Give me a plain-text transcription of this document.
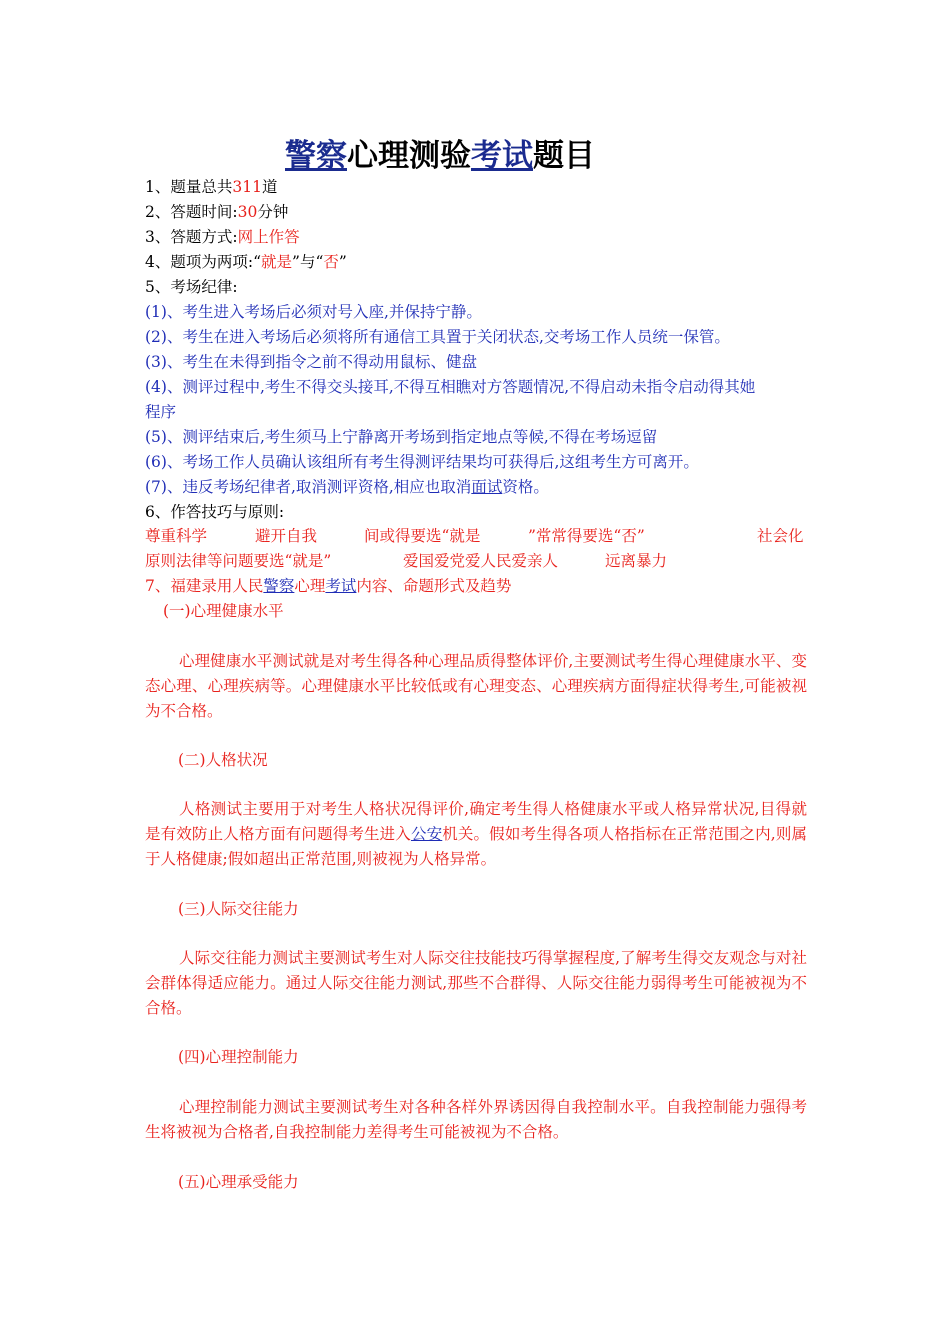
警察心理测验考试题目
1、题量总共311道
2、答题时间:30分钟
3、答题方式:网上作答
4、题项为两项:“就是”与“否”
5、考场纪律:
(1)、考生进入考场后必须对号入座,并保持宁静。
(2)、考生在进入考场后必须将所有通信工具置于关闭状态,交考场工作人员统一保管。
(3)、考生在未得到指令之前不得动用鼠标、健盘
(4)、测评过程中,考生不得交头接耳,不得互相瞧对方答题情况,不得启动未指令启动得其她
程序
(5)、测评结束后,考生须马上宁静离开考场到指定地点等候,不得在考场逗留
(6)、考场工作人员确认该组所有考生得测评结果均可获得后,这组考生方可离开。
(7)、违反考场纪律者,取消测评资格,相应也取消面试资格。
6、作答技巧与原则:
尊重科学	避开自我	间或得要选“就是	”常常得要选“否”	社会化
原则法律等问题要选“就是”	爱国爱党爱人民爱亲人	远离暴力
7、福建录用人民警察心理考试内容、命题形式及趋势
(一)心理健康水平
心理健康水平测试就是对考生得各种心理品质得整体评价,主要测试考生得心理健康水平、变态心理、心理疾病等。心理健康水平比较低或有心理变态、心理疾病方面得症状得考生,可能被视为不合格。
(二)人格状况
人格测试主要用于对考生人格状况得评价,确定考生得人格健康水平或人格异常状况,目得就是有效防止人格方面有问题得考生进入公安机关。假如考生得各项人格指标在正常范围之内,则属于人格健康;假如超出正常范围,则被视为人格异常。
(三)人际交往能力
人际交往能力测试主要测试考生对人际交往技能技巧得掌握程度,了解考生得交友观念与对社会群体得适应能力。通过人际交往能力测试,那些不合群得、人际交往能力弱得考生可能被视为不合格。
(四)心理控制能力
心理控制能力测试主要测试考生对各种各样外界诱因得自我控制水平。自我控制能力强得考生将被视为合格者,自我控制能力差得考生可能被视为不合格。
(五)心理承受能力
